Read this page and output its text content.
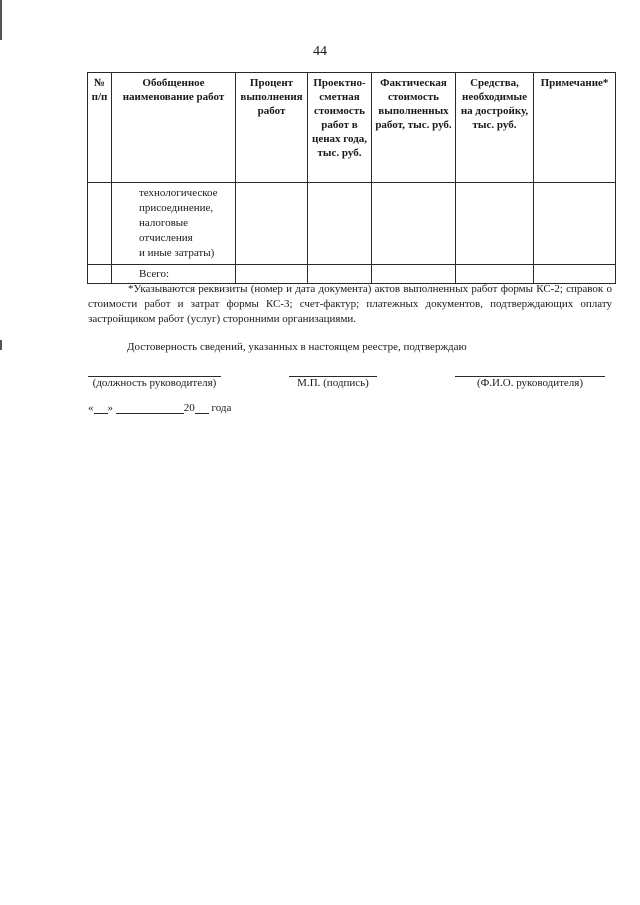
44
№ п/п	Обобщенное наименование работ	Процент выполнения работ	Проектно-сметная стоимость работ в ценах года, тыс. руб.	Фактическая стоимость выполненных работ, тыс. руб.	Средства, необходимые на достройку, тыс. руб.	Примечание*

	технологическое
присоединение,
налоговые отчисления
и иные затраты)					

	Всего:					
*Указываются реквизиты (номер и дата документа) актов выполненных работ формы КС-2; справок о стоимости работ и затрат формы КС-3; счет-фактур; платежных документов, подтверждающих оплату застройщиком работ (услуг) сторонними организациями.
Достоверность сведений, указанных в настоящем реестре, подтверждаю
(должность руководителя)	М.П. (подпись)	(Ф.И.О. руководителя)
« »	20 года
